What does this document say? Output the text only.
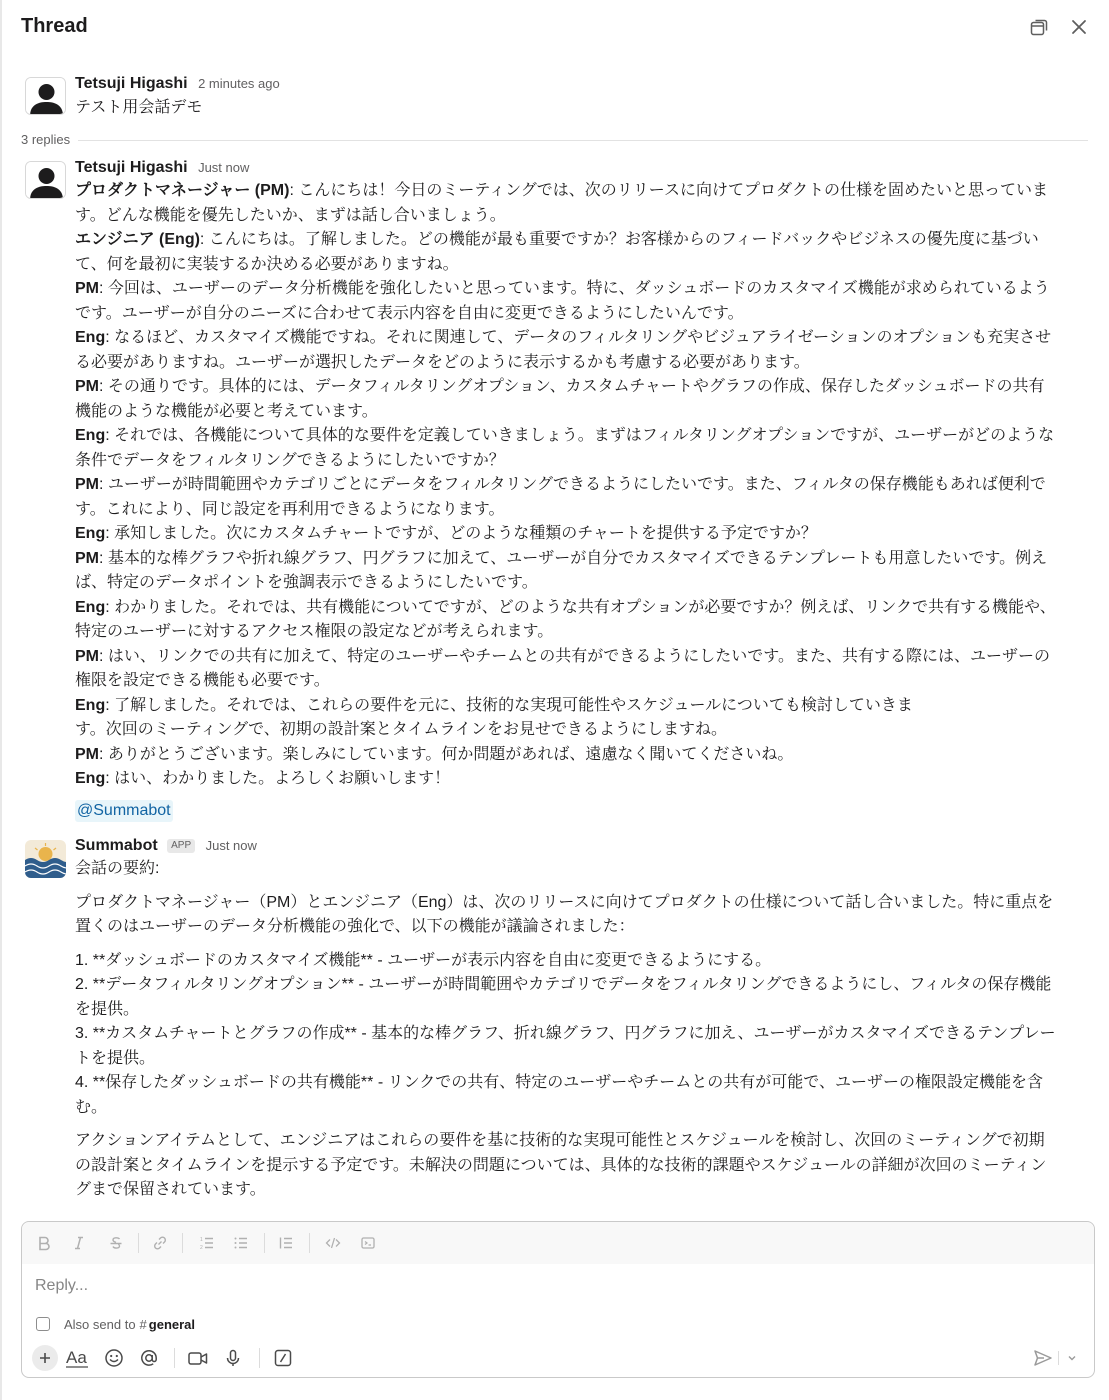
Thread
Tetsuji Higashi 2 minutes ago
テスト用会話デモ
3 replies
Tetsuji Higashi Just now
プロダクトマネージャー (PM): こんにちは！今日のミーティングでは、次のリリースに向けてプロダクトの仕様を固めたいと思っていま
す。どんな機能を優先したいか、まずは話し合いましょう。
エンジニア (Eng): こんにちは。了解しました。どの機能が最も重要ですか？お客様からのフィードバックやビジネスの優先度に基づい
て、何を最初に実装するか決める必要がありますね。
PM: 今回は、ユーザーのデータ分析機能を強化したいと思っています。特に、ダッシュボードのカスタマイズ機能が求められているよう
です。ユーザーが自分のニーズに合わせて表示内容を自由に変更できるようにしたいんです。
Eng: なるほど、カスタマイズ機能ですね。それに関連して、データのフィルタリングやビジュアライゼーションのオプションも充実させ
る必要がありますね。ユーザーが選択したデータをどのように表示するかも考慮する必要があります。
PM: その通りです。具体的には、データフィルタリングオプション、カスタムチャートやグラフの作成、保存したダッシュボードの共有
機能のような機能が必要と考えています。
Eng: それでは、各機能について具体的な要件を定義していきましょう。まずはフィルタリングオプションですが、ユーザーがどのような
条件でデータをフィルタリングできるようにしたいですか？
PM: ユーザーが時間範囲やカテゴリごとにデータをフィルタリングできるようにしたいです。また、フィルタの保存機能もあれば便利で
す。これにより、同じ設定を再利用できるようになります。
Eng: 承知しました。次にカスタムチャートですが、どのような種類のチャートを提供する予定ですか？
PM: 基本的な棒グラフや折れ線グラフ、円グラフに加えて、ユーザーが自分でカスタマイズできるテンプレートも用意したいです。例え
ば、特定のデータポイントを強調表示できるようにしたいです。
Eng: わかりました。それでは、共有機能についてですが、どのような共有オプションが必要ですか？例えば、リンクで共有する機能や、
特定のユーザーに対するアクセス権限の設定などが考えられます。
PM: はい、リンクでの共有に加えて、特定のユーザーやチームとの共有ができるようにしたいです。また、共有する際には、ユーザーの
権限を設定できる機能も必要です。
Eng: 了解しました。それでは、これらの要件を元に、技術的な実現可能性やスケジュールについても検討していきま
す。次回のミーティングで、初期の設計案とタイムラインをお見せできるようにしますね。
PM: ありがとうございます。楽しみにしています。何か問題があれば、遠慮なく聞いてくださいね。
Eng: はい、わかりました。よろしくお願いします！
@Summabot
Summabot APP Just now
会話の要約:
プロダクトマネージャー（PM）とエンジニア（Eng）は、次のリリースに向けてプロダクトの仕様について話し合いました。特に重点を
置くのはユーザーのデータ分析機能の強化で、以下の機能が議論されました：
1. **ダッシュボードのカスタマイズ機能** - ユーザーが表示内容を自由に変更できるようにする。
2. **データフィルタリングオプション** - ユーザーが時間範囲やカテゴリでデータをフィルタリングできるようにし、フィルタの保存機能
を提供。
3. **カスタムチャートとグラフの作成** - 基本的な棒グラフ、折れ線グラフ、円グラフに加え、ユーザーがカスタマイズできるテンプレー
トを提供。
4. **保存したダッシュボードの共有機能** - リンクでの共有、特定のユーザーやチームとの共有が可能で、ユーザーの権限設定機能を含
む。
アクションアイテムとして、エンジニアはこれらの要件を基に技術的な実現可能性とスケジュールを検討し、次回のミーティングで初期
の設計案とタイムラインを提示する予定です。未解決の問題については、具体的な技術的課題やスケジュールの詳細が次回のミーティン
グまで保留されています。
1
2
Reply...
Also send to # general
Aa
